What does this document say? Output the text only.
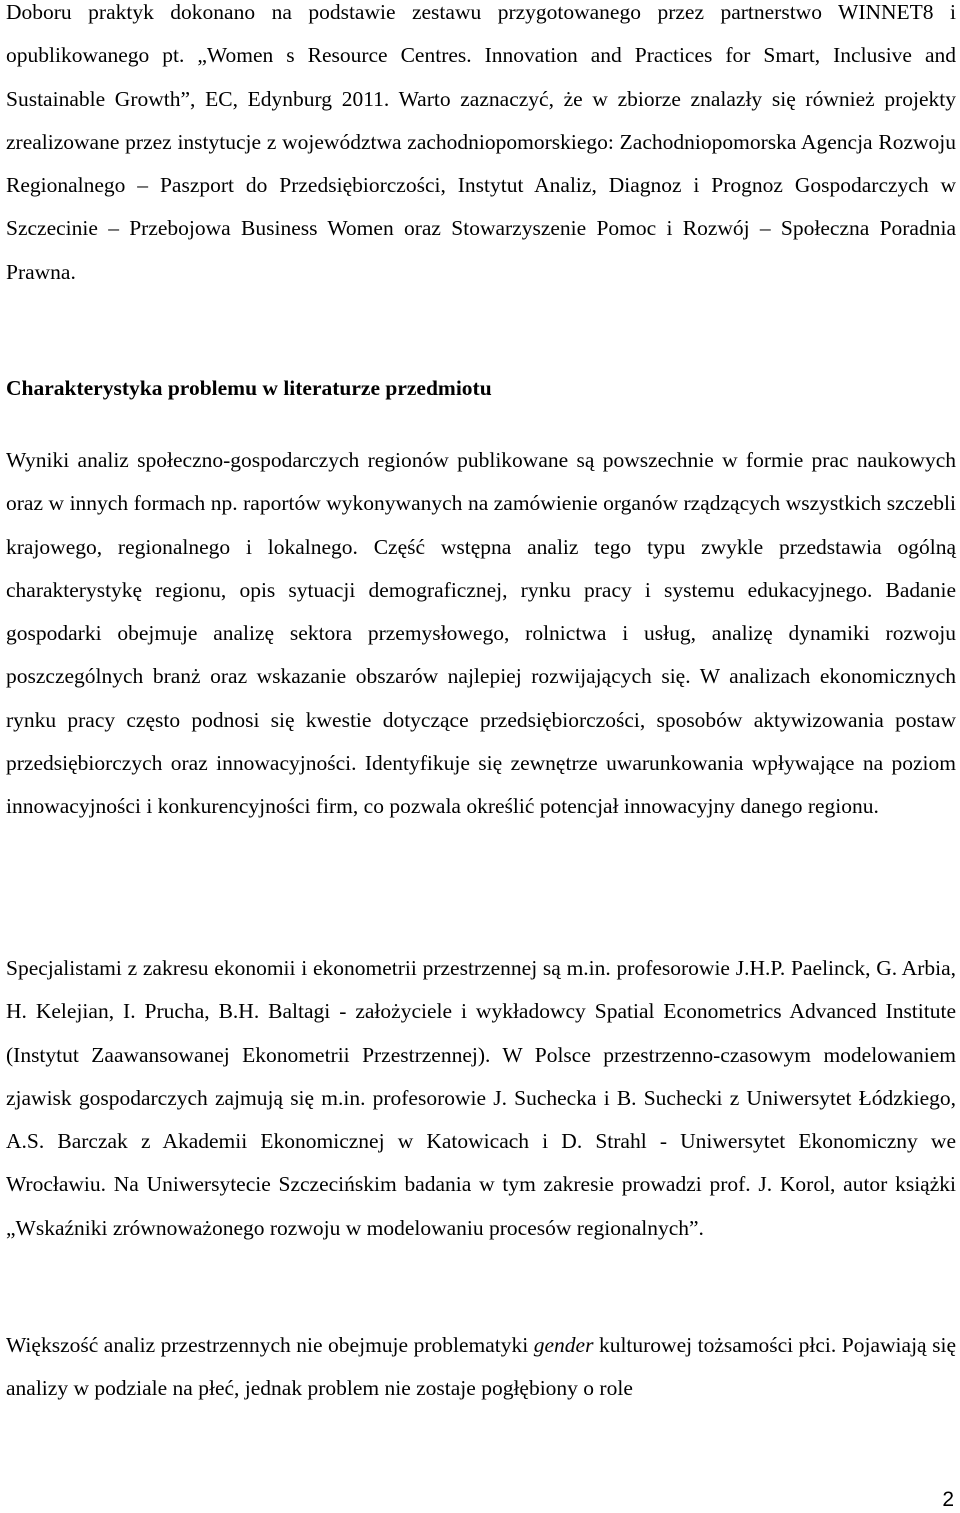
Doboru praktyk dokonano na podstawie zestawu przygotowanego przez partnerstwo WINNET8 i opublikowanego pt. „Women s Resource Centres. Innovation and Practices for Smart, Inclusive and Sustainable Growth”, EC, Edynburg 2011. Warto zaznaczyć, że w zbiorze znalazły się również projekty zrealizowane przez instytucje z województwa zachodniopomorskiego: Zachodniopomorska Agencja Rozwoju Regionalnego – Paszport do Przedsiębiorczości, Instytut Analiz, Diagnoz i Prognoz Gospodarczych w Szczecinie – Przebojowa Business Women oraz Stowarzyszenie Pomoc i Rozwój – Społeczna Poradnia Prawna.

Charakterystyka problemu w literaturze przedmiotu

Wyniki analiz społeczno-gospodarczych regionów publikowane są powszechnie w formie prac naukowych oraz w innych formach np. raportów wykonywanych na zamówienie organów rządzących wszystkich szczebli krajowego, regionalnego i lokalnego. Część wstępna analiz tego typu zwykle przedstawia ogólną charakterystykę regionu, opis sytuacji demograficznej, rynku pracy i systemu edukacyjnego. Badanie gospodarki obejmuje analizę sektora przemysłowego, rolnictwa i usług, analizę dynamiki rozwoju poszczególnych branż oraz wskazanie obszarów najlepiej rozwijających się. W analizach ekonomicznych rynku pracy często podnosi się kwestie dotyczące przedsiębiorczości, sposobów aktywizowania postaw przedsiębiorczych oraz innowacyjności. Identyfikuje się zewnętrze uwarunkowania wpływające na poziom innowacyjności i konkurencyjności firm, co pozwala określić potencjał innowacyjny danego regionu.

Specjalistami z zakresu ekonomii i ekonometrii przestrzennej są m.in. profesorowie J.H.P. Paelinck, G. Arbia, H. Kelejian, I. Prucha, B.H. Baltagi - założyciele i wykładowcy Spatial Econometrics Advanced Institute (Instytut Zaawansowanej Ekonometrii Przestrzennej). W Polsce przestrzenno-czasowym modelowaniem zjawisk gospodarczych zajmują się m.in. profesorowie J. Suchecka i B. Suchecki z Uniwersytet Łódzkiego, A.S. Barczak z Akademii Ekonomicznej w Katowicach i D. Strahl - Uniwersytet Ekonomiczny we Wrocławiu. Na Uniwersytecie Szczecińskim badania w tym zakresie prowadzi prof. J. Korol, autor książki „Wskaźniki zrównoważonego rozwoju w modelowaniu procesów regionalnych”.

Większość analiz przestrzennych nie obejmuje problematyki gender kulturowej tożsamości płci. Pojawiają się analizy w podziale na płeć, jednak problem nie zostaje pogłębiony o role

2
